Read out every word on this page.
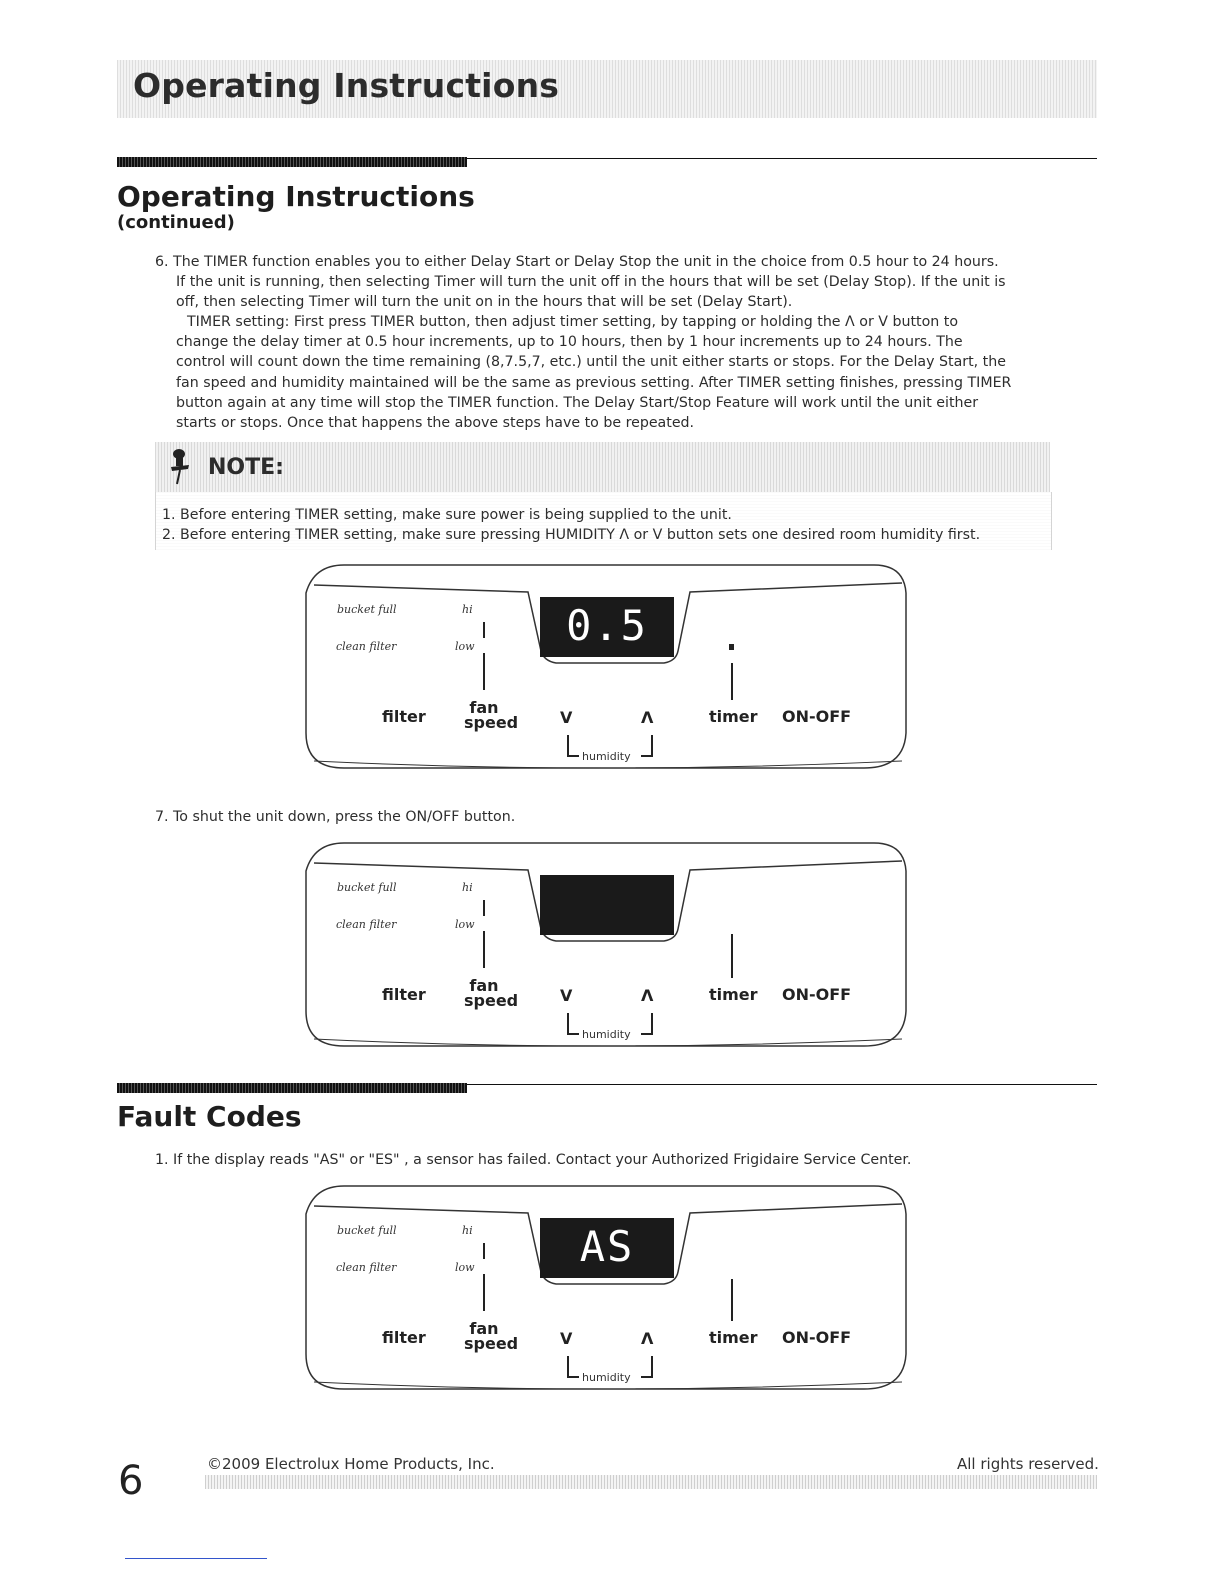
Operating Instructions
Operating Instructions
(continued)

6. The TIMER function enables you to either Delay Start or Delay Stop the unit in the choice from 0.5 hour to 24 hours.

If the unit is running, then selecting Timer will turn the unit off in the hours that will be set (Delay Stop). If the unit is

off, then selecting Timer will turn the unit on in the hours that will be set (Delay Start).

TIMER setting: First press TIMER button, then adjust timer setting, by tapping or holding the Λ or V button to

change the delay timer at 0.5 hour increments, up to 10 hours, then by 1 hour increments up to 24 hours. The

control will count down the time remaining (8,7.5,7, etc.) until the unit either starts or stops. For the Delay Start, the

fan speed and humidity maintained will be the same as previous setting. After TIMER setting finishes, pressing TIMER

button again at any time will stop the TIMER function. The Delay Start/Stop Feature will work until the unit either

starts or stops. Once that happens the above steps have to be repeated.

NOTE:

1. Before entering TIMER setting, make sure power is being supplied to the unit.

2. Before entering TIMER setting, make sure pressing HUMIDITY Λ or V button sets one desired room humidity first.

0.5
bucket full	hi
clean filter	low
filter	fan
speed	V	Λ
humidity
timer ON-OFF
7. To shut the unit down, press the ON/OFF button.
bucket full	hi
clean filter	low
filter	fan
speed	V	Λ
humidity
timer ON-OFF
Fault Codes
1. If the display reads "AS" or "ES" , a sensor has failed. Contact your Authorized Frigidaire Service Center.
AS
bucket full	hi
clean filter	low
filter	fan
speed	V	Λ
humidity
timer ON-OFF
6	©2009 Electrolux Home Products, Inc.	All rights reserved.
